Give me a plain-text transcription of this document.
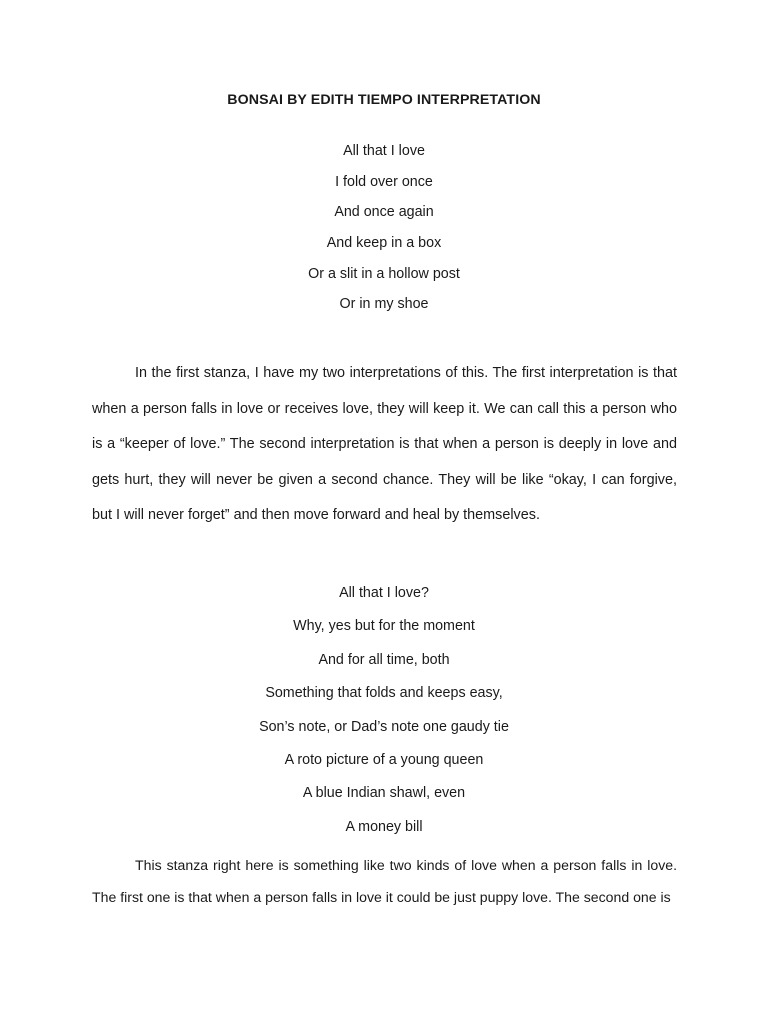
BONSAI BY EDITH TIEMPO INTERPRETATION
All that I love
I fold over once
And once again
And keep in a box
Or a slit in a hollow post
Or in my shoe

In the first stanza, I have my two interpretations of this. The first interpretation is that when a person falls in love or receives love, they will keep it. We can call this a person who is a “keeper of love.” The second interpretation is that when a person is deeply in love and gets hurt, they will never be given a second chance. They will be like “okay, I can forgive, but I will never forget” and then move forward and heal by themselves.

All that I love?
Why, yes but for the moment
And for all time, both
Something that folds and keeps easy,
Son’s note, or Dad’s note one gaudy tie
A roto picture of a young queen
A blue Indian shawl, even
A money bill

This stanza right here is something like two kinds of love when a person falls in love. The first one is that when a person falls in love it could be just puppy love. The second one is
